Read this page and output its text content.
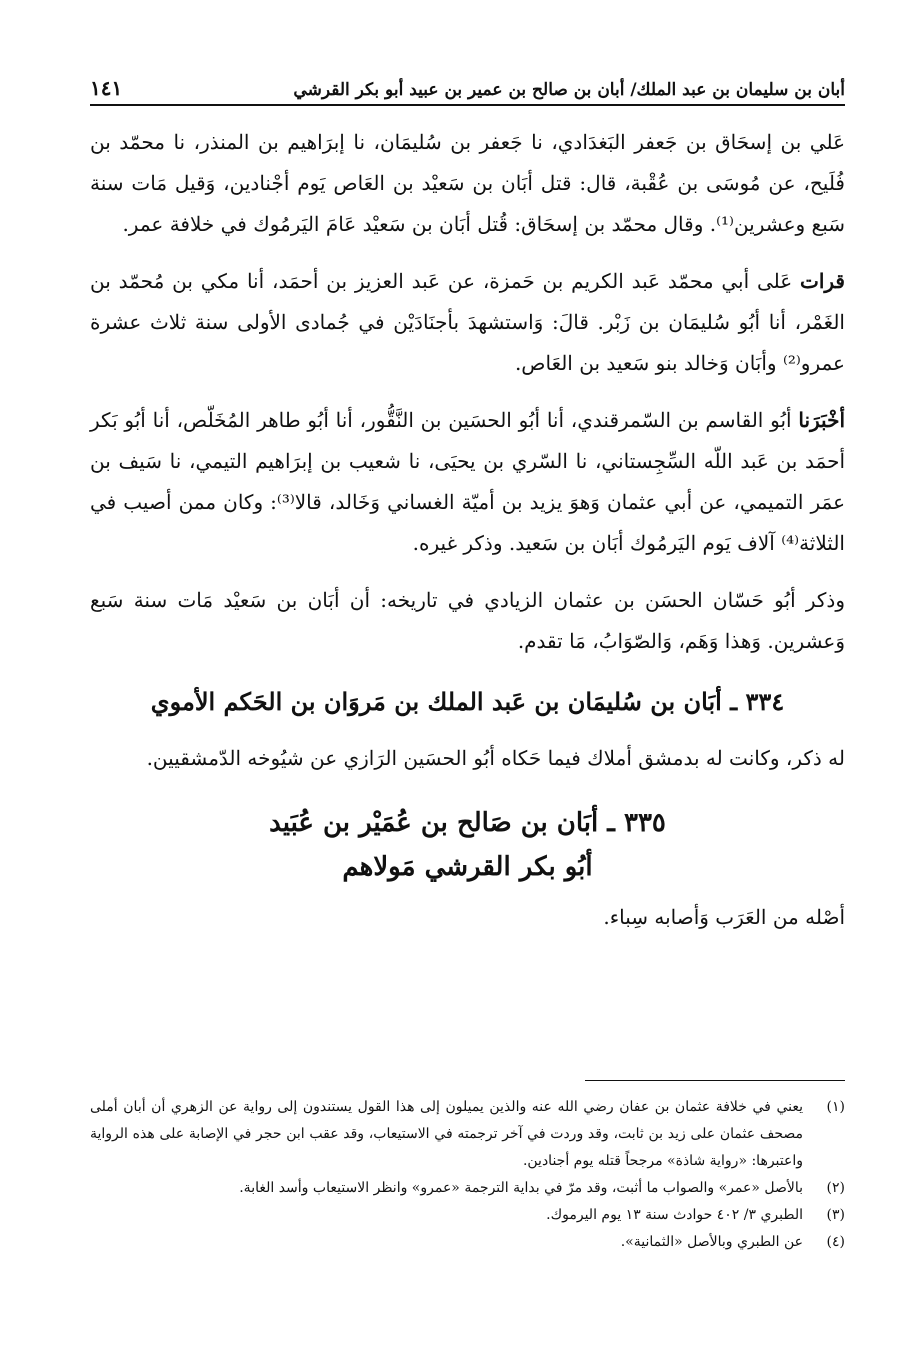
أبان بن سليمان بن عبد الملك/ أبان بن صالح بن عمير بن عبيد أبو بكر القرشي
١٤١

عَلي بن إسحَاق بن جَعفر البَغدَادي، نا جَعفر بن سُليمَان، نا إبرَاهيم بن المنذر، نا محمّد بن فُلَيح، عن مُوسَى بن عُقْبة، قال: قتل أبَان بن سَعيْد بن العَاص يَوم أجْنادين، وَقيل مَات سنة سَبع وعشرين⁽¹⁾. وقال محمّد بن إسحَاق: قُتل أبَان بن سَعيْد عَامَ اليَرمُوك في خلافة عمر.

قرات عَلى أبي محمّد عَبد الكريم بن حَمزة، عن عَبد العزيز بن أحمَد، أنا مكي بن مُحمّد بن الغَمْر، أنا أبُو سُليمَان بن زَبْر. قالَ: وَاستشهدَ بأجنَادَيْن في جُمادى الأولى سنة ثلاث عشرة عمرو⁽²⁾ وأبَان وَخالد بنو سَعيد بن العَاص.

أخْبَرَنا أبُو القاسم بن السّمرقندي، أنا أبُو الحسَين بن النَّقُّور، أنا أبُو طاهر المُخَلّص، أنا أبُو بَكر أحمَد بن عَبد اللّه السِّجِستاني، نا السّري بن يحيَى، نا شعيب بن إبرَاهيم التيمي، نا سَيف بن عمَر التميمي، عن أبي عثمان وَهوَ يزيد بن أميّة الغساني وَخَالد، قالا⁽³⁾: وكان ممن أصيب في الثلاثة⁽⁴⁾ آلاف يَوم اليَرمُوك أبَان بن سَعيد. وذكر غيره.

وذكر أبُو حَسّان الحسَن بن عثمان الزيادي في تاريخه: أن أبَان بن سَعيْد مَات سنة سَبع وَعشرين. وَهذا وَهَم، وَالصّوَابُ، مَا تقدم.

٣٣٤ ـ أبَان بن سُليمَان بن عَبد الملك بن مَروَان بن الحَكم الأموي

له ذكر، وكانت له بدمشق أملاك فيما حَكاه أبُو الحسَين الرَازي عن شيُوخه الدّمشقيين.

٣٣٥ ـ أبَان بن صَالح بن عُمَيْر بن عُبَيد
أبُو بكر القرشي مَولاهم

أصْله من العَرَب وَأصابه سِباء.

(١)
يعني في خلافة عثمان بن عفان رضي الله عنه والذين يميلون إلى هذا القول يستندون إلى رواية عن الزهري أن أبان أملى مصحف عثمان على زيد بن ثابت، وقد وردت في آخر ترجمته في الاستيعاب، وقد عقب ابن حجر في الإصابة على هذه الرواية واعتبرها: «رواية شاذة» مرجحاً قتله يوم أجنادين.
(٢)
بالأصل «عمر» والصواب ما أثبت، وقد مرّ في بداية الترجمة «عمرو» وانظر الاستيعاب وأسد الغابة.
(٣)
الطبري ٣/ ٤٠٢ حوادث سنة ١٣ يوم اليرموك.
(٤)
عن الطبري وبالأصل «الثمانية».
